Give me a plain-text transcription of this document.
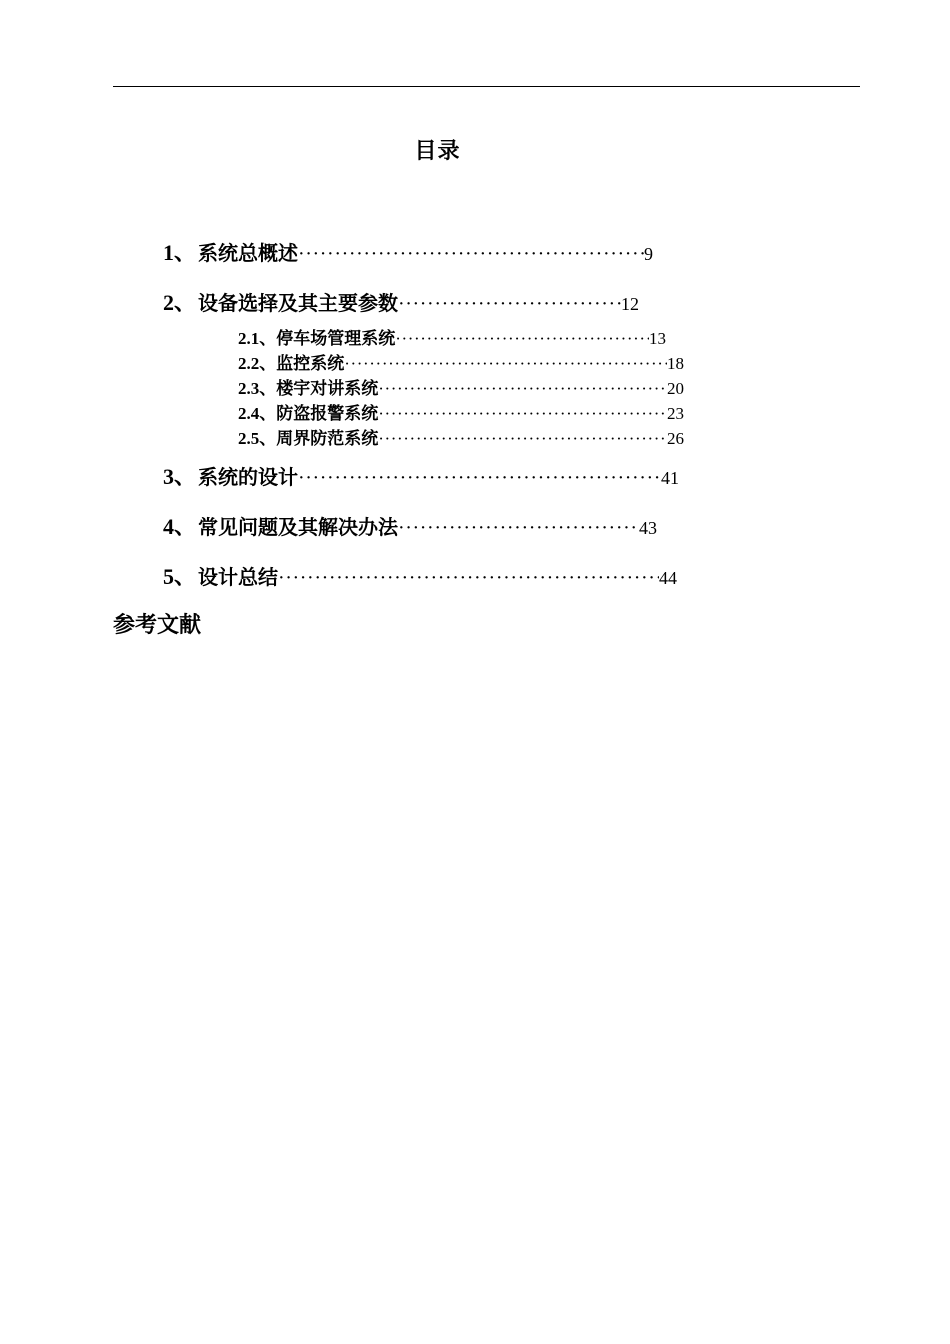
目录
1、 系统总概述 ·····	9
2、 设备选择及其主要参数 ·····	12
2.1、 停车场管理系统 ·····	13
2.2、 监控系统 ·····	18
2.3、 楼宇对讲系统 ·····	20
2.4、 防盗报警系统 ·····	23
2.5、 周界防范系统 ·····	26
3、 系统的设计 ·····	41
4、 常见问题及其解决办法 ·····	43
5、 设计总结 ·····	44
参考文献
